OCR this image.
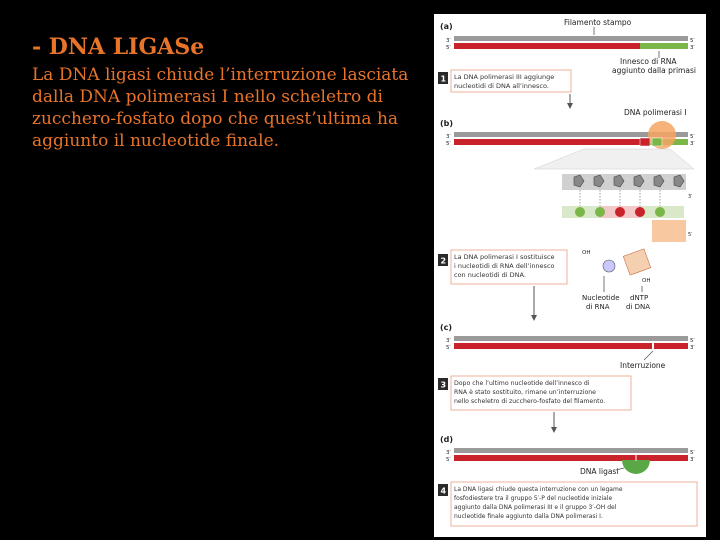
- DNA LIGASe

La DNA ligasi chiude l’interruzione lasciata dalla DNA polimerasi I nello scheletro di zucchero-fosfato dopo che quest’ultima ha aggiunto il nucleotide finale.

(a)	Filamento stampo
3′
5′
5′
3′
Innesco di RNA
aggiunto dalla primasi
1 La DNA polimerasi III aggiunge
nucleotidi di DNA all’innesco.
(b)
DNA polimerasi I
3′
5′
5′
3′
3′
5′
2 La DNA polimerasi I sostituisce
i nucleotidi di RNA dell’innesco
con nucleotidi di DNA.
OH
OH
Nucleotide
di RNA
dNTP
di DNA
(c)
3′
5′
5′
3′
Interruzione
3 Dopo che l’ultimo nucleotide dell’innesco di
RNA è stato sostituito, rimane un’interruzione
nello scheletro di zucchero-fosfato del filamento.
(d)
3′
5′
5′
3′
DNA ligasi
4 La DNA ligasi chiude questa interruzione con un legame
fosfodiestere tra il gruppo 5′-P del nucleotide iniziale
aggiunto dalla DNA polimerasi III e il gruppo 3′-OH del
nucleotide finale aggiunto dalla DNA polimerasi I.
